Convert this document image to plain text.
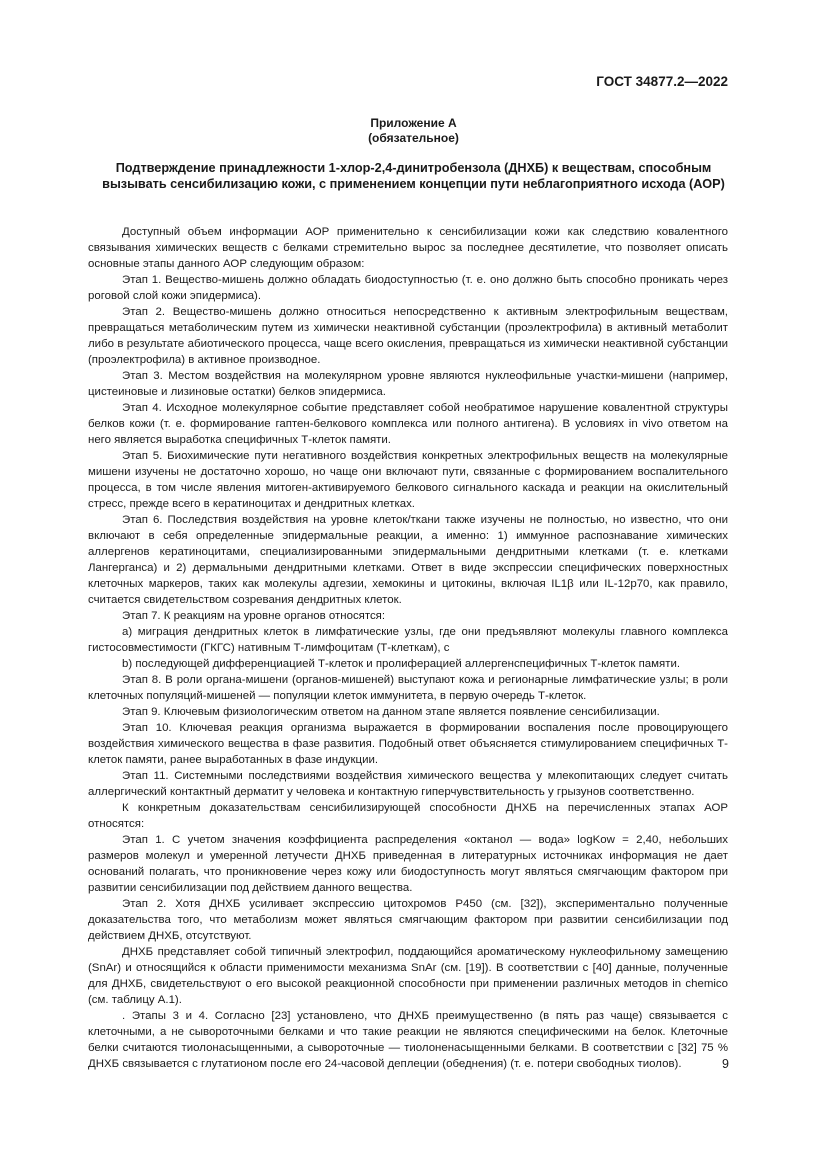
ГОСТ 34877.2—2022
Приложение А
(обязательное)
Подтверждение принадлежности 1-хлор-2,4-динитробензола (ДНХБ) к веществам, способным вызывать сенсибилизацию кожи, с применением концепции пути неблагоприятного исхода (АОР)

Доступный объем информации АОР применительно к сенсибилизации кожи как следствию ковалентного связывания химических веществ с белками стремительно вырос за последнее десятилетие, что позволяет описать основные этапы данного АОР следующим образом:

Этап 1. Вещество-мишень должно обладать биодоступностью (т. е. оно должно быть способно проникать через роговой слой кожи эпидермиса).

Этап 2. Вещество-мишень должно относиться непосредственно к активным электрофильным веществам, превращаться метаболическим путем из химически неактивной субстанции (проэлектрофила) в активный метаболит либо в результате абиотического процесса, чаще всего окисления, превращаться из химически неактивной субстанции (проэлектрофила) в активное производное.

Этап 3. Местом воздействия на молекулярном уровне являются нуклеофильные участки-мишени (например, цистеиновые и лизиновые остатки) белков эпидермиса.

Этап 4. Исходное молекулярное событие представляет собой необратимое нарушение ковалентной структуры белков кожи (т. е. формирование гаптен-белкового комплекса или полного антигена). В условиях in vivo ответом на него является выработка специфичных Т-клеток памяти.

Этап 5. Биохимические пути негативного воздействия конкретных электрофильных веществ на молекулярные мишени изучены не достаточно хорошо, но чаще они включают пути, связанные с формированием воспалительного процесса, в том числе явления митоген-активируемого белкового сигнального каскада и реакции на окислительный стресс, прежде всего в кератиноцитах и дендритных клетках.

Этап 6. Последствия воздействия на уровне клеток/ткани также изучены не полностью, но известно, что они включают в себя определенные эпидермальные реакции, а именно: 1) иммунное распознавание химических аллергенов кератиноцитами, специализированными эпидермальными дендритными клетками (т. е. клетками Лангерганса) и 2) дермальными дендритными клетками. Ответ в виде экспрессии специфических поверхностных клеточных маркеров, таких как молекулы адгезии, хемокины и цитокины, включая IL1β или IL-12p70, как правило, считается свидетельством созревания дендритных клеток.

Этап 7. К реакциям на уровне органов относятся:

а) миграция дендритных клеток в лимфатические узлы, где они предъявляют молекулы главного комплекса гистосовместимости (ГКГС) нативным Т-лимфоцитам (Т-клеткам), с

b) последующей дифференциацией Т-клеток и пролиферацией аллергенспецифичных Т-клеток памяти.

Этап 8. В роли органа-мишени (органов-мишеней) выступают кожа и регионарные лимфатические узлы; в роли клеточных популяций-мишеней — популяции клеток иммунитета, в первую очередь Т-клеток.

Этап 9. Ключевым физиологическим ответом на данном этапе является появление сенсибилизации.

Этап 10. Ключевая реакция организма выражается в формировании воспаления после провоцирующего воздействия химического вещества в фазе развития. Подобный ответ объясняется стимулированием специфичных Т-клеток памяти, ранее выработанных в фазе индукции.

Этап 11. Системными последствиями воздействия химического вещества у млекопитающих следует считать аллергический контактный дерматит у человека и контактную гиперчувствительность у грызунов соответственно.

К конкретным доказательствам сенсибилизирующей способности ДНХБ на перечисленных этапах АОР относятся:

Этап 1. С учетом значения коэффициента распределения «октанол — вода» logKow = 2,40, небольших размеров молекул и умеренной летучести ДНХБ приведенная в литературных источниках информация не дает оснований полагать, что проникновение через кожу или биодоступность могут являться смягчающим фактором при развитии сенсибилизации под действием данного вещества.

Этап 2. Хотя ДНХБ усиливает экспрессию цитохромов Р450 (см. [32]), экспериментально полученные доказательства того, что метаболизм может являться смягчающим фактором при развитии сенсибилизации под действием ДНХБ, отсутствуют.

ДНХБ представляет собой типичный электрофил, поддающийся ароматическому нуклеофильному замещению (SnAr) и относящийся к области применимости механизма SnAr (см. [19]). В соответствии с [40] данные, полученные для ДНХБ, свидетельствуют о его высокой реакционной способности при применении различных методов in chemico (см. таблицу А.1).

. Этапы 3 и 4. Согласно [23] установлено, что ДНХБ преимущественно (в пять раз чаще) связывается с клеточными, а не сывороточными белками и что такие реакции не являются специфическими на белок. Клеточные белки считаются тиолонасыщенными, а сывороточные — тиолоненасыщенными белками. В соответствии с [32] 75 % ДНХБ связывается с глутатионом после его 24-часовой деплеции (обеднения) (т. е. потери свободных тиолов).	9
